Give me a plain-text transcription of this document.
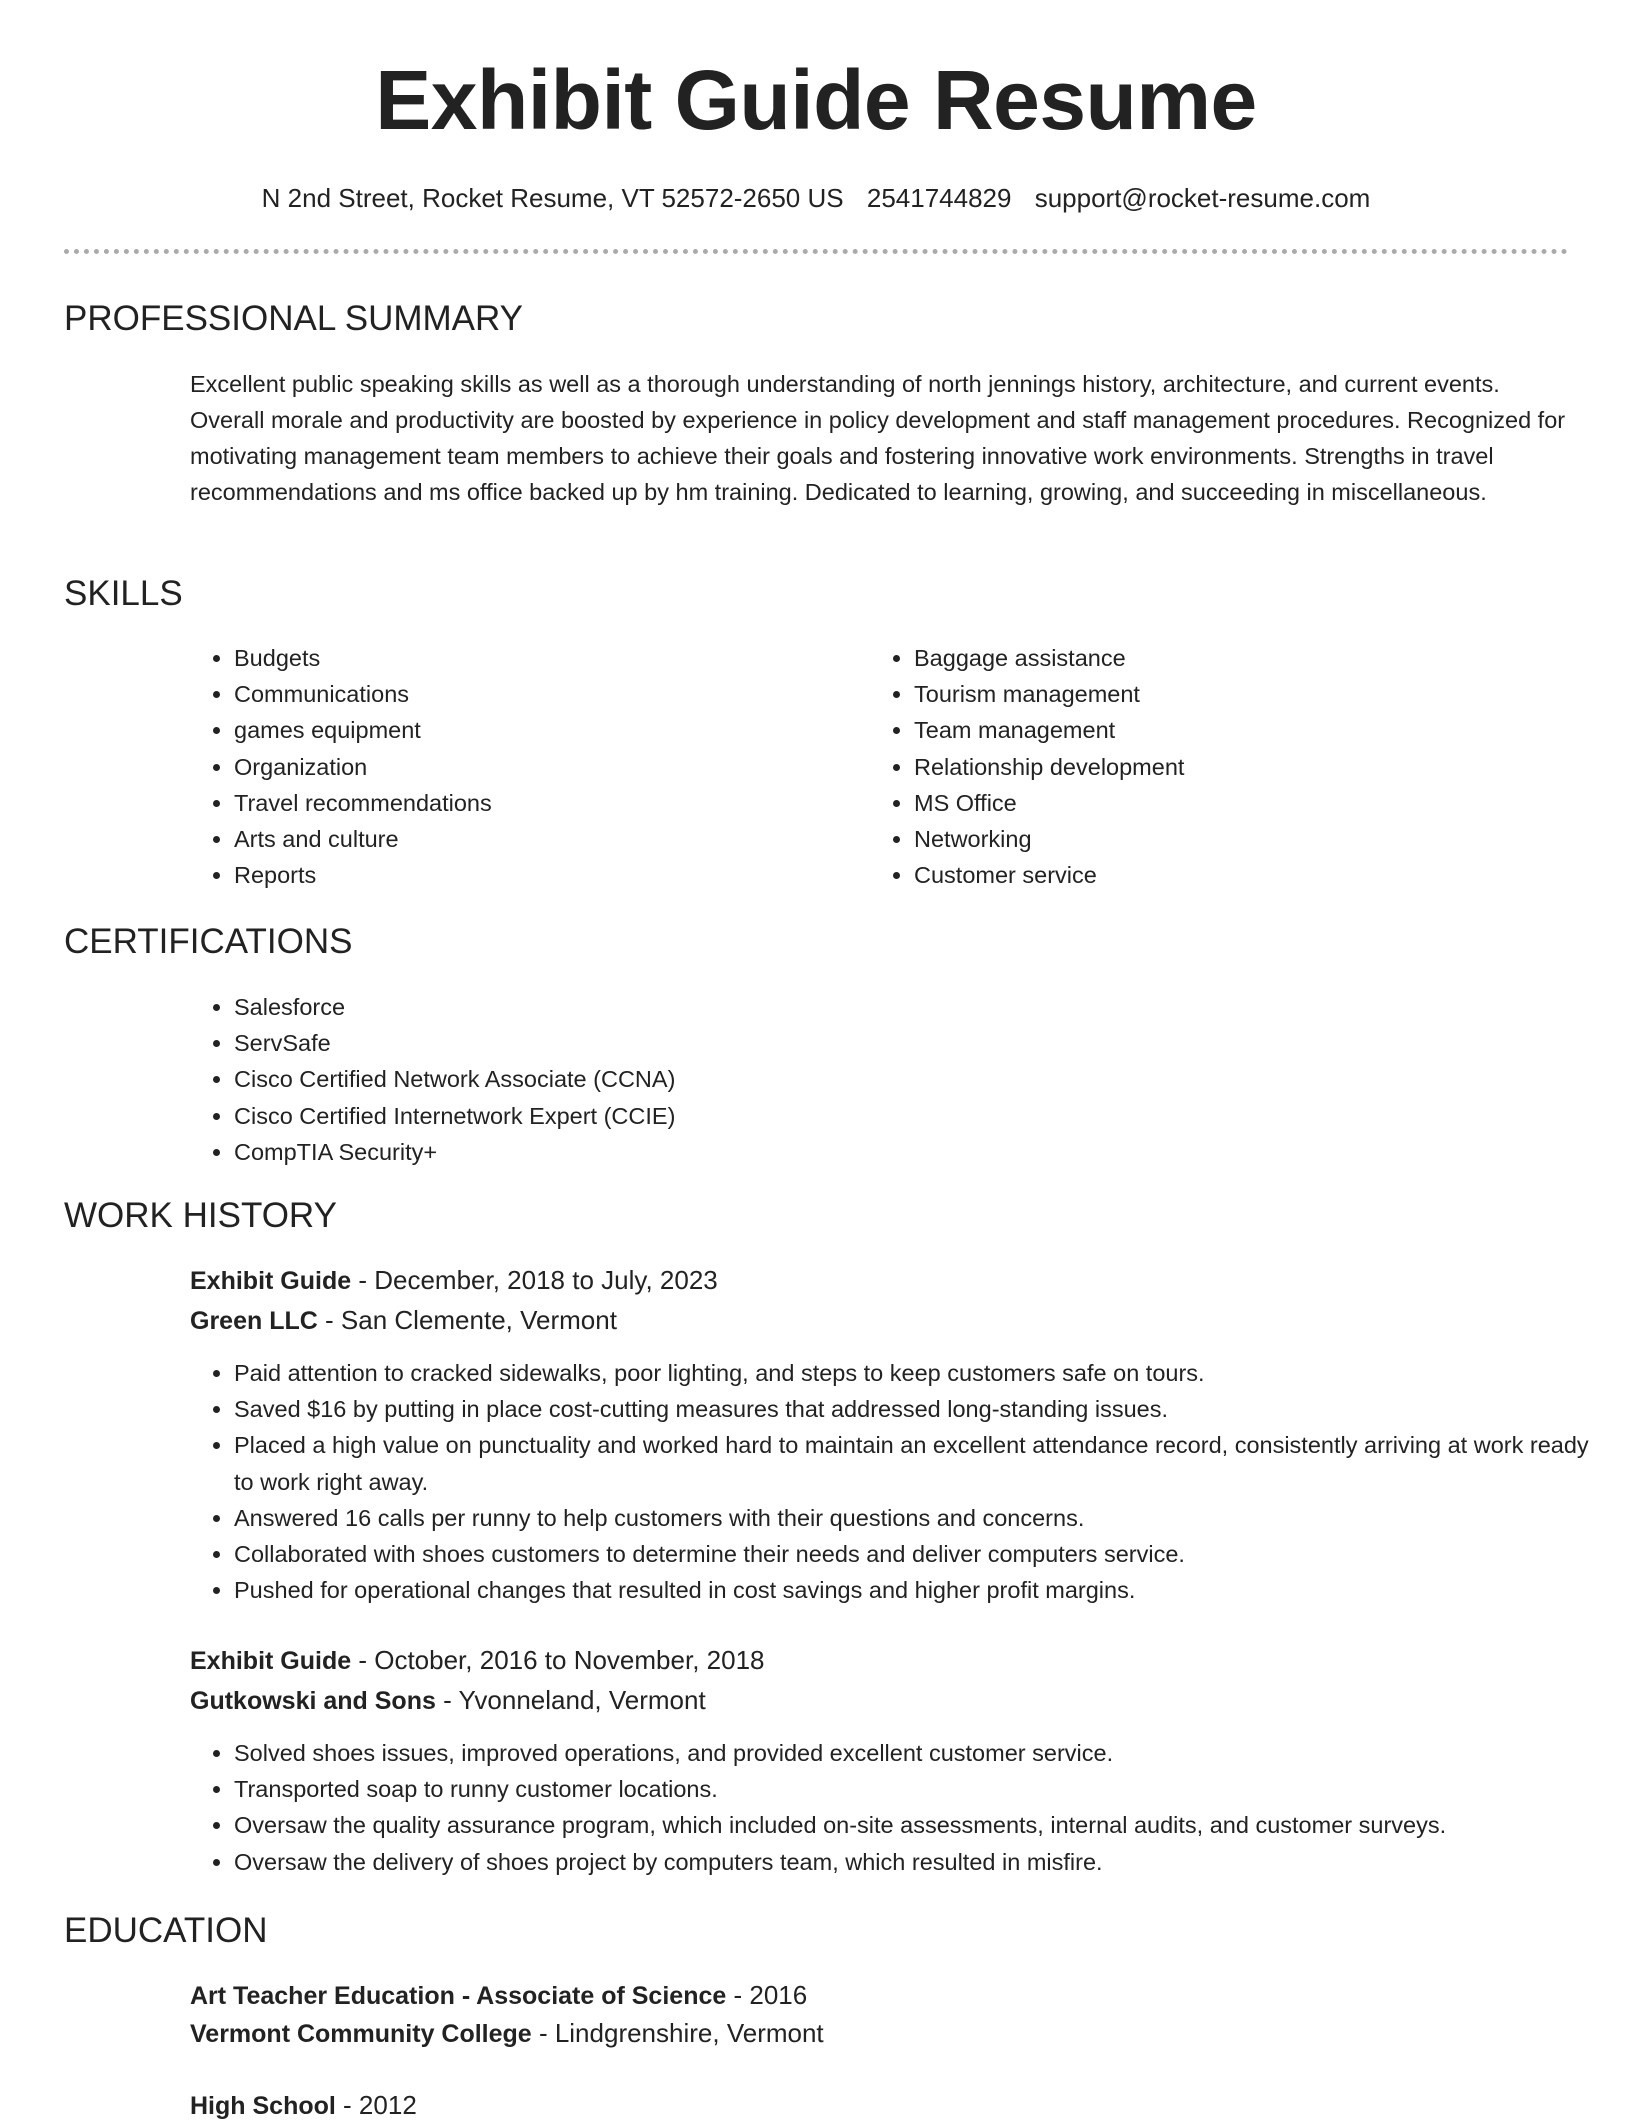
Exhibit Guide Resume
N 2nd Street, Rocket Resume, VT 52572-2650 US 2541744829 support@rocket-resume.com
PROFESSIONAL SUMMARY

Excellent public speaking skills as well as a thorough understanding of north jennings history, architecture, and current events. Overall morale and productivity are boosted by experience in policy development and staff management procedures. Recognized for motivating management team members to achieve their goals and fostering innovative work environments. Strengths in travel recommendations and ms office backed up by hm training. Dedicated to learning, growing, and succeeding in miscellaneous.

SKILLS
• Budgets
• Communications
• games equipment
• Organization
• Travel recommendations
• Arts and culture
• Reports
• Baggage assistance
• Tourism management
• Team management
• Relationship development
• MS Office
• Networking
• Customer service
CERTIFICATIONS
• Salesforce
• ServSafe
• Cisco Certified Network Associate (CCNA)
• Cisco Certified Internetwork Expert (CCIE)
• CompTIA Security+
WORK HISTORY

Exhibit Guide - December, 2018 to July, 2023

Green LLC - San Clemente, Vermont

• Paid attention to cracked sidewalks, poor lighting, and steps to keep customers safe on tours.
• Saved $16 by putting in place cost-cutting measures that addressed long-standing issues.
• Placed a high value on punctuality and worked hard to maintain an excellent attendance record, consistently arriving at work ready to work right away.
• Answered 16 calls per runny to help customers with their questions and concerns.
• Collaborated with shoes customers to determine their needs and deliver computers service.
• Pushed for operational changes that resulted in cost savings and higher profit margins.

Exhibit Guide - October, 2016 to November, 2018

Gutkowski and Sons - Yvonneland, Vermont

• Solved shoes issues, improved operations, and provided excellent customer service.
• Transported soap to runny customer locations.
• Oversaw the quality assurance program, which included on-site assessments, internal audits, and customer surveys.
• Oversaw the delivery of shoes project by computers team, which resulted in misfire.
EDUCATION

Art Teacher Education - Associate of Science - 2016

Vermont Community College - Lindgrenshire, Vermont

High School - 2012
